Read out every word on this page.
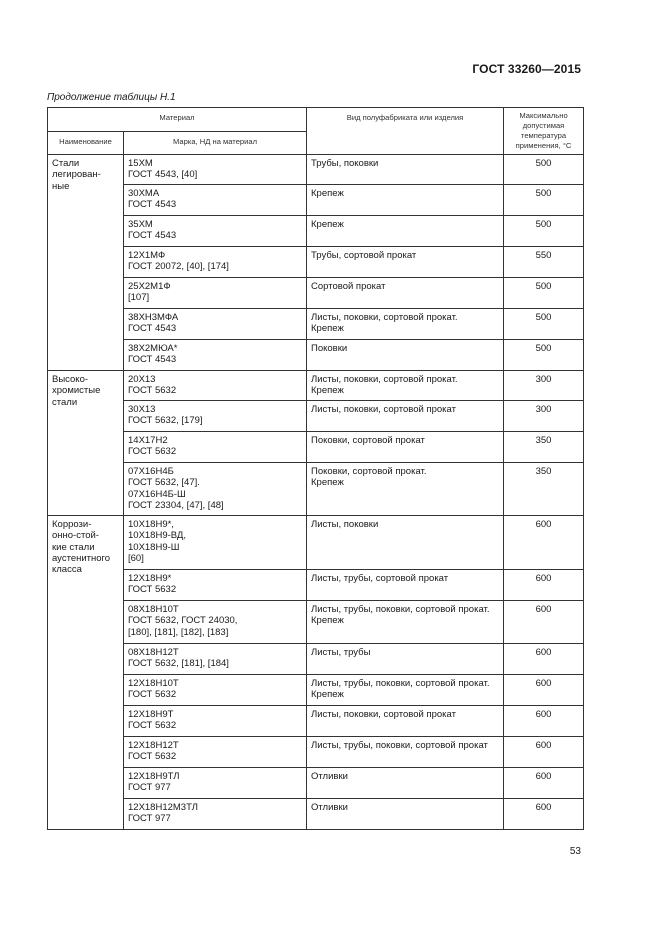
ГОСТ 33260—2015
Продолжение таблицы Н.1
Материал		Вид полуфабриката или изделия	Максимально
допустимая
температура
применения, °С

Наименование	Марка, НД на материал		

Стали
легирован-
ные	15ХМ
ГОСТ 4543, [40]	Трубы, поковки	500

	30ХМА
ГОСТ 4543	Крепеж	500

	35ХМ
ГОСТ 4543	Крепеж	500

	12Х1МФ
ГОСТ 20072, [40], [174]	Трубы, сортовой прокат	550

	25Х2М1Ф
[107]	Сортовой прокат	500

	38ХН3МФА
ГОСТ 4543	Листы, поковки, сортовой прокат.
Крепеж	500

	38Х2МЮА*
ГОСТ 4543	Поковки	500

Высоко-
хромистые
стали	20Х13
ГОСТ 5632	Листы, поковки, сортовой прокат.
Крепеж	300

	30Х13
ГОСТ 5632, [179]	Листы, поковки, сортовой прокат	300

	14Х17Н2
ГОСТ 5632	Поковки, сортовой прокат	350

	07Х16Н4Б
ГОСТ 5632, [47].
07Х16Н4Б-Ш
ГОСТ 23304, [47], [48]	Поковки, сортовой прокат.
Крепеж	350

Коррози-
онно-стой-
кие стали
аустенитного
класса	10Х18Н9*,
10Х18Н9-ВД,
10Х18Н9-Ш
[60]	Листы, поковки	600

	12Х18Н9*
ГОСТ 5632	Листы, трубы, сортовой прокат	600

	08Х18Н10Т
ГОСТ 5632, ГОСТ 24030,
[180], [181], [182], [183]	Листы, трубы, поковки, сортовой прокат.
Крепеж	600

	08Х18Н12Т
ГОСТ 5632, [181], [184]	Листы, трубы	600

	12Х18Н10Т
ГОСТ 5632	Листы, трубы, поковки, сортовой прокат.
Крепеж	600

	12Х18Н9Т
ГОСТ 5632	Листы, поковки, сортовой прокат	600

	12Х18Н12Т
ГОСТ 5632	Листы, трубы, поковки, сортовой прокат	600

	12Х18Н9ТЛ
ГОСТ 977	Отливки	600

	12Х18Н12М3ТЛ
ГОСТ 977	Отливки	600
53
